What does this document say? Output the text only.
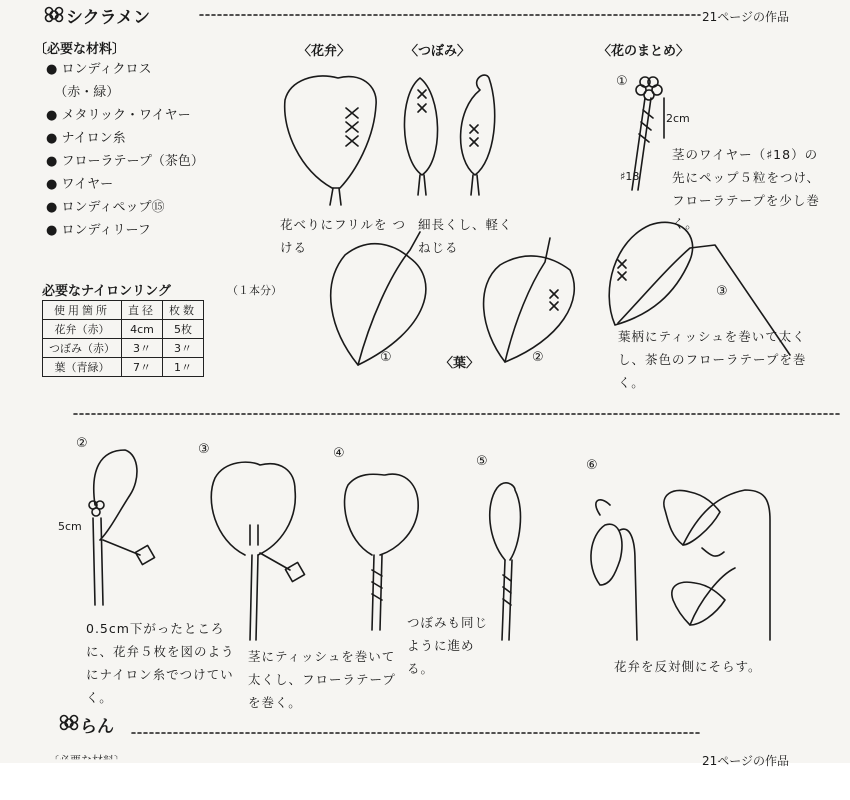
シクラメン	21ページの作品
〔必要な材料〕
● ロンディクロス
（赤・緑）
● メタリック・ワイヤー
● ナイロン糸
● フローラテープ（茶色）
● ワイヤー
● ロンディペップ⑮
● ロンディリーフ
必要なナイロンリング	（１本分）
使用箇所	直径	枚数
花弁（赤）	4cm	5枚
つぼみ（赤）	3〃	3〃
葉（青緑）	7〃	1〃
〈花弁〉	〈つぼみ〉	〈花のまとめ〉
〈葉〉

花べりにフリルを つける

細長くし、軽く ねじる

茎のワイヤー（♯18）の先にペップ５粒をつけ、フローラテープを少し巻く。

葉柄にティッシュを巻いて太くし、茶色のフローラテープを巻く。

①
2cm
♯18
①	②
③
②	③	④
⑤	⑥
5cm

0.5cm下がったところに、花弁５枚を図のようにナイロン糸でつけていく。

茎にティッシュを巻いて太くし、フローラテープを巻く。

つぼみも同じように進める。	花弁を反対側にそらす。
らん
21ページの作品
